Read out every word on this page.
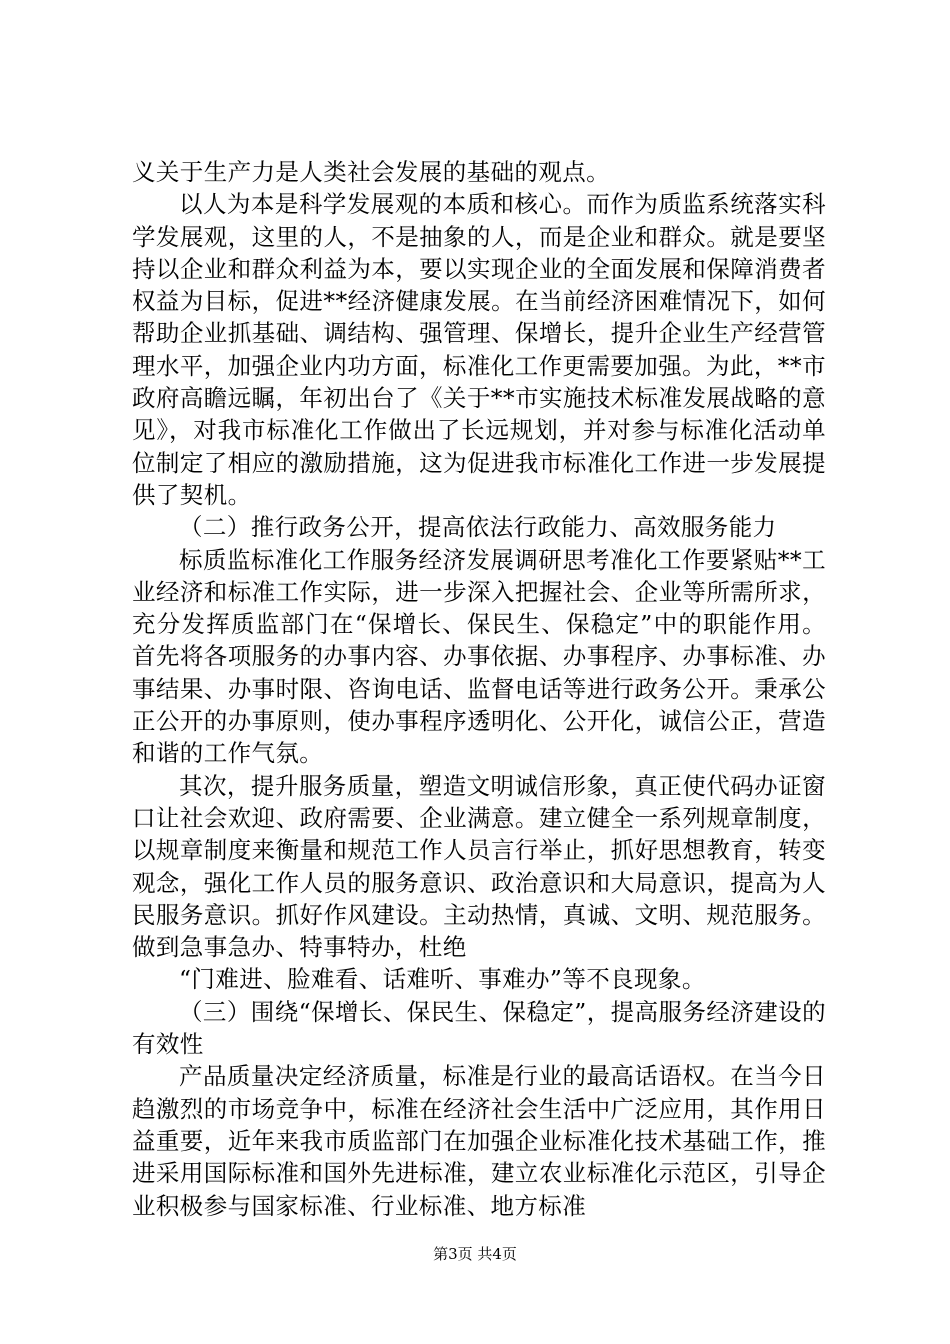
义关于生产力是人类社会发展的基础的观点。

以人为本是科学发展观的本质和核心。而作为质监系统落实科学发展观，这里的人，不是抽象的人，而是企业和群众。就是要坚持以企业和群众利益为本，要以实现企业的全面发展和保障消费者权益为目标，促进**经济健康发展。在当前经济困难情况下，如何帮助企业抓基础、调结构、强管理、保增长，提升企业生产经营管理水平，加强企业内功方面，标准化工作更需要加强。为此，**市政府高瞻远瞩，年初出台了《关于**市实施技术标准发展战略的意见》，对我市标准化工作做出了长远规划，并对参与标准化活动单位制定了相应的激励措施，这为促进我市标准化工作进一步发展提供了契机。

（二）推行政务公开，提高依法行政能力、高效服务能力

标质监标准化工作服务经济发展调研思考准化工作要紧贴**工业经济和标准工作实际，进一步深入把握社会、企业等所需所求，充分发挥质监部门在“保增长、保民生、保稳定”中的职能作用。首先将各项服务的办事内容、办事依据、办事程序、办事标准、办事结果、办事时限、咨询电话、监督电话等进行政务公开。秉承公正公开的办事原则，使办事程序透明化、公开化，诚信公正，营造和谐的工作气氛。

其次，提升服务质量，塑造文明诚信形象，真正使代码办证窗口让社会欢迎、政府需要、企业满意。建立健全一系列规章制度，以规章制度来衡量和规范工作人员言行举止，抓好思想教育，转变观念，强化工作人员的服务意识、政治意识和大局意识，提高为人民服务意识。抓好作风建设。主动热情，真诚、文明、规范服务。做到急事急办、特事特办，杜绝

“门难进、脸难看、话难听、事难办”等不良现象。

（三）围绕“保增长、保民生、保稳定”，提高服务经济建设的有效性

产品质量决定经济质量，标准是行业的最高话语权。在当今日趋激烈的市场竞争中，标准在经济社会生活中广泛应用，其作用日益重要，近年来我市质监部门在加强企业标准化技术基础工作，推进采用国际标准和国外先进标准，建立农业标准化示范区，引导企业积极参与国家标准、行业标准、地方标准

第3页 共4页
